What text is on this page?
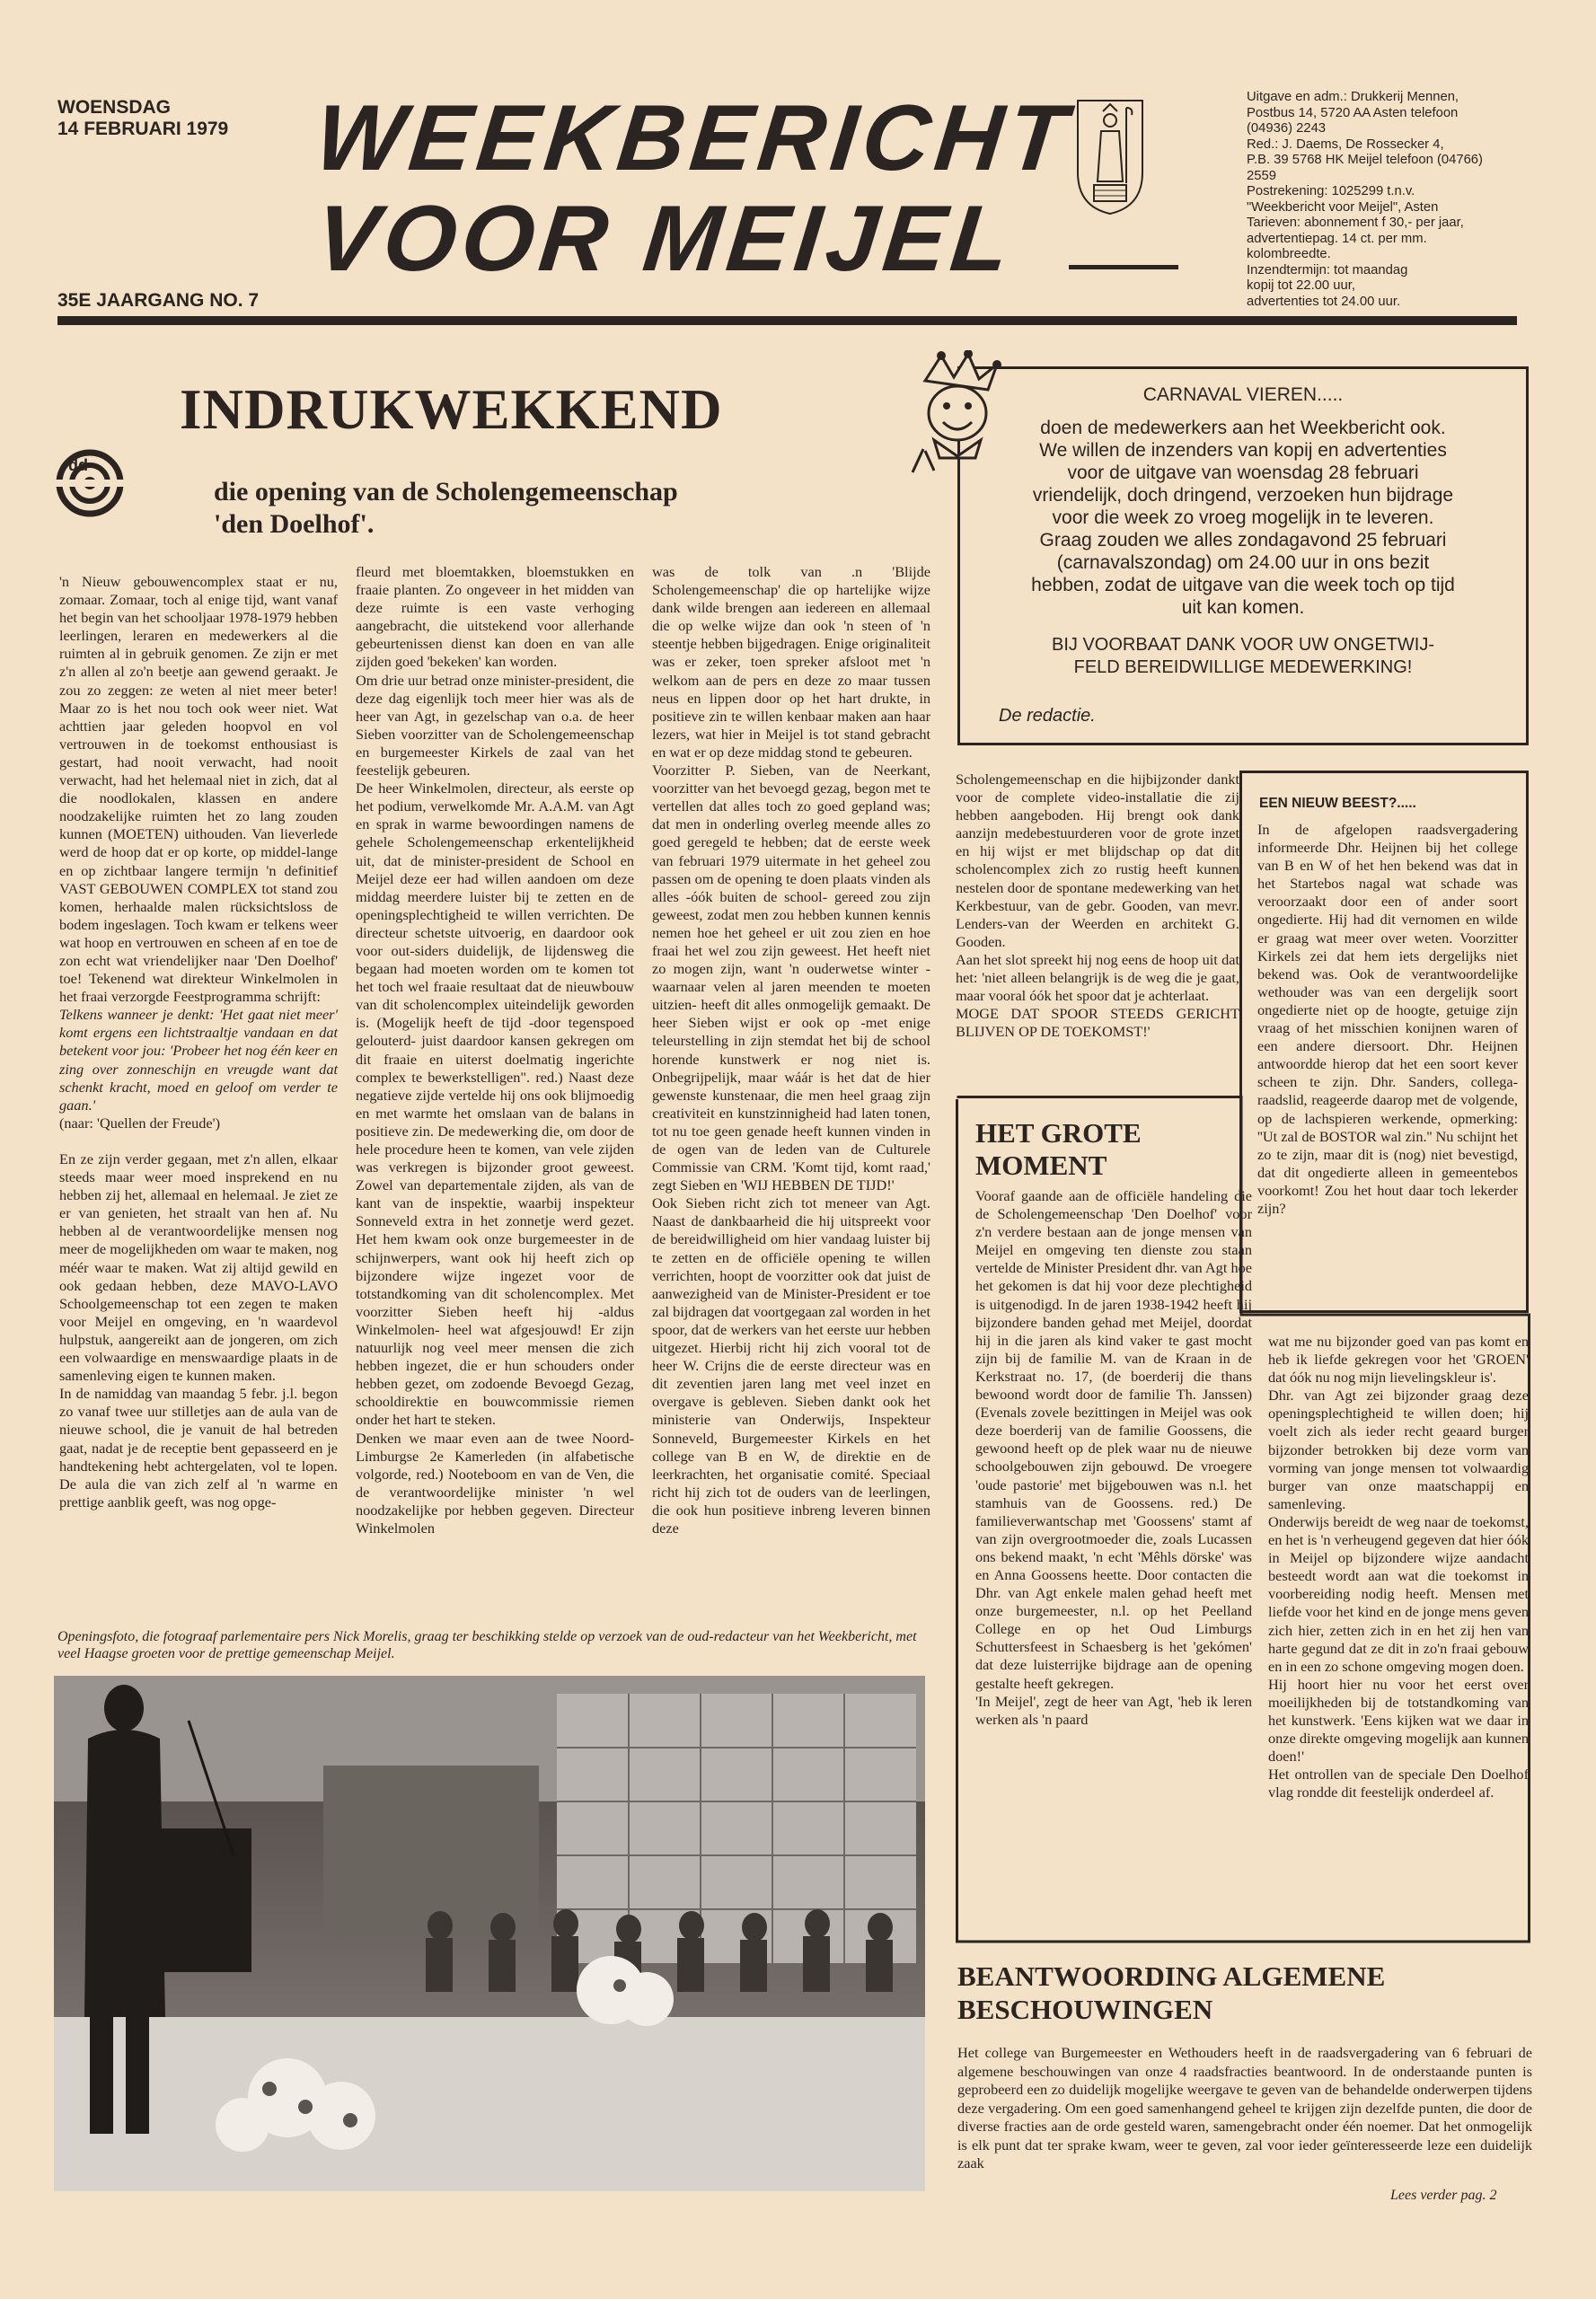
WOENSDAG
14 FEBRUARI 1979
35E JAARGANG NO. 7
WEEKBERICHT
VOOR MEIJEL

Uitgave en adm.: Drukkerij Mennen,
Postbus 14, 5720 AA Asten telefoon
(04936) 2243
Red.: J. Daems, De Rossecker 4,
P.B. 39 5768 HK Meijel telefoon (04766)
2559
Postrekening: 1025299 t.n.v.
"Weekbericht voor Meijel", Asten
Tarieven: abonnement f 30,- per jaar,
advertentiepag. 14 ct. per mm.
kolombreedte.
Inzendtermijn: tot maandag
kopij tot 22.00 uur,
advertenties tot 24.00 uur.

INDRUKWEKKEND
dd
die opening van de Scholengemeenschap
'den Doelhof'.

'n Nieuw gebouwencomplex staat er nu, zomaar. Zomaar, toch al enige tijd, want vanaf het begin van het schooljaar 1978-1979 hebben leerlingen, leraren en medewerkers al die ruimten al in gebruik genomen. Ze zijn er met z'n allen al zo'n beetje aan gewend geraakt. Je zou zo zeggen: ze weten al niet meer beter! Maar zo is het nou toch ook weer niet. Wat achttien jaar geleden hoopvol en vol vertrouwen in de toekomst enthousiast is gestart, had nooit verwacht, had nooit verwacht, had het helemaal niet in zich, dat al die noodlokalen, klassen en andere noodzakelijke ruimten het zo lang zouden kunnen (MOETEN) uithouden. Van lieverlede werd de hoop dat er op korte, op middel-lange en op zichtbaar langere termijn 'n definitief VAST GEBOUWEN COMPLEX tot stand zou komen, herhaalde malen rücksichtsloss de bodem ingeslagen. Toch kwam er telkens weer wat hoop en vertrouwen en scheen af en toe de zon echt wat vriendelijker naar 'Den Doelhof' toe! Tekenend wat direkteur Winkelmolen in het fraai verzorgde Feestprogramma schrijft:

Telkens wanneer je denkt: 'Het gaat niet meer' komt ergens een lichtstraaltje vandaan en dat betekent voor jou: 'Probeer het nog één keer en zing over zonneschijn en vreugde want dat schenkt kracht, moed en geloof om verder te gaan.'

(naar: 'Quellen der Freude')

En ze zijn verder gegaan, met z'n allen, elkaar steeds maar weer moed insprekend en nu hebben zij het, allemaal en helemaal. Je ziet ze er van genieten, het straalt van hen af. Nu hebben al de verantwoordelijke mensen nog meer de mogelijkheden om waar te maken, nog méér waar te maken. Wat zij altijd gewild en ook gedaan hebben, deze MAVO-LAVO Schoolgemeenschap tot een zegen te maken voor Meijel en omgeving, en 'n waardevol hulpstuk, aangereikt aan de jongeren, om zich een volwaardige en menswaardige plaats in de samenleving eigen te kunnen maken.
In de namiddag van maandag 5 febr. j.l. begon zo vanaf twee uur stilletjes aan de aula van de nieuwe school, die je vanuit de hal betreden gaat, nadat je de receptie bent gepasseerd en je handtekening hebt achtergelaten, vol te lopen. De aula die van zich zelf al 'n warme en prettige aanblik geeft, was nog opge-

fleurd met bloemtakken, bloemstukken en fraaie planten. Zo ongeveer in het midden van deze ruimte is een vaste verhoging aangebracht, die uitstekend voor allerhande gebeurtenissen dienst kan doen en van alle zijden goed 'bekeken' kan worden.
Om drie uur betrad onze minister-president, die deze dag eigenlijk toch meer hier was als de heer van Agt, in gezelschap van o.a. de heer Sieben voorzitter van de Scholengemeenschap en burgemeester Kirkels de zaal van het feestelijk gebeuren.
De heer Winkelmolen, directeur, als eerste op het podium, verwelkomde Mr. A.A.M. van Agt en sprak in warme bewoordingen namens de gehele Scholengemeenschap erkentelijkheid uit, dat de minister-president de School en Meijel deze eer had willen aandoen om deze middag meerdere luister bij te zetten en de openingsplechtigheid te willen verrichten. De directeur schetste uitvoerig, en daardoor ook voor out-siders duidelijk, de lijdensweg die begaan had moeten worden om te komen tot het toch wel fraaie resultaat dat de nieuwbouw van dit scholencomplex uiteindelijk geworden is. (Mogelijk heeft de tijd -door tegenspoed gelouterd- juist daardoor kansen gekregen om dit fraaie en uiterst doelmatig ingerichte complex te bewerkstelligen". red.) Naast deze negatieve zijde vertelde hij ons ook blijmoedig en met warmte het omslaan van de balans in positieve zin. De medewerking die, om door de hele procedure heen te komen, van vele zijden was verkregen is bijzonder groot geweest. Zowel van departementale zijden, als van de kant van de inspektie, waarbij inspekteur Sonneveld extra in het zonnetje werd gezet. Het hem kwam ook onze burgemeester in de schijnwerpers, want ook hij heeft zich op bijzondere wijze ingezet voor de totstandkoming van dit scholencomplex. Met voorzitter Sieben heeft hij -aldus Winkelmolen- heel wat afgesjouwd! Er zijn natuurlijk nog veel meer mensen die zich hebben ingezet, die er hun schouders onder hebben gezet, om zodoende Bevoegd Gezag, schooldirektie en bouwcommissie riemen onder het hart te steken.
Denken we maar even aan de twee Noord-Limburgse 2e Kamerleden (in alfabetische volgorde, red.) Nooteboom en van de Ven, die de verantwoordelijke minister 'n wel noodzakelijke por hebben gegeven. Directeur Winkelmolen

was de tolk van .n 'Blijde Scholengemeenschap' die op hartelijke wijze dank wilde brengen aan iedereen en allemaal die op welke wijze dan ook 'n steen of 'n steentje hebben bijgedragen. Enige originaliteit was er zeker, toen spreker afsloot met 'n welkom aan de pers en deze zo maar tussen neus en lippen door op het hart drukte, in positieve zin te willen kenbaar maken aan haar lezers, wat hier in Meijel is tot stand gebracht en wat er op deze middag stond te gebeuren.
Voorzitter P. Sieben, van de Neerkant, voorzitter van het bevoegd gezag, begon met te vertellen dat alles toch zo goed gepland was; dat men in onderling overleg meende alles zo goed geregeld te hebben; dat de eerste week van februari 1979 uitermate in het geheel zou passen om de opening te doen plaats vinden als alles -óók buiten de school- gereed zou zijn geweest, zodat men zou hebben kunnen kennis nemen hoe het geheel er uit zou zien en hoe fraai het wel zou zijn geweest. Het heeft niet zo mogen zijn, want 'n ouderwetse winter -waarnaar velen al jaren meenden te moeten uitzien- heeft dit alles onmogelijk gemaakt. De heer Sieben wijst er ook op -met enige teleurstelling in zijn stemdat het bij de school horende kunstwerk er nog niet is. Onbegrijpelijk, maar wáár is het dat de hier gewenste kunstenaar, die men heel graag zijn creativiteit en kunstzinnigheid had laten tonen, tot nu toe geen genade heeft kunnen vinden in de ogen van de leden van de Culturele Commissie van CRM. 'Komt tijd, komt raad,' zegt Sieben en 'WIJ HEBBEN DE TIJD!'
Ook Sieben richt zich tot meneer van Agt. Naast de dankbaarheid die hij uitspreekt voor de bereidwilligheid om hier vandaag luister bij te zetten en de officiële opening te willen verrichten, hoopt de voorzitter ook dat juist de aanwezigheid van de Minister-President er toe zal bijdragen dat voortgegaan zal worden in het spoor, dat de werkers van het eerste uur hebben uitgezet. Hierbij richt hij zich vooral tot de heer W. Crijns die de eerste directeur was en dit zeventien jaren lang met veel inzet en overgave is gebleven. Sieben dankt ook het ministerie van Onderwijs, Inspekteur Sonneveld, Burgemeester Kirkels en het college van B en W, de direktie en de leerkrachten, het organisatie comité. Speciaal richt hij zich tot de ouders van de leerlingen, die ook hun positieve inbreng leveren binnen deze

Openingsfoto, die fotograaf parlementaire pers Nick Morelis, graag ter beschikking stelde op verzoek van de oud-redacteur van het Weekbericht, met veel Haagse groeten voor de prettige gemeenschap Meijel.
CARNAVAL VIEREN.....
doen de medewerkers aan het Weekbericht ook.
We willen de inzenders van kopij en advertenties
voor de uitgave van woensdag 28 februari
vriendelijk, doch dringend, verzoeken hun bijdrage
voor die week zo vroeg mogelijk in te leveren.
Graag zouden we alles zondagavond 25 februari
(carnavalszondag) om 24.00 uur in ons bezit
hebben, zodat de uitgave van die week toch op tijd
uit kan komen.
BIJ VOORBAAT DANK VOOR UW ONGETWIJ-
FELD BEREIDWILLIGE MEDEWERKING!
De redactie.

Scholengemeenschap en die hijbijzonder dankt voor de complete video-installatie die zij hebben aangeboden. Hij brengt ook dank aanzijn medebestuurderen voor de grote inzet en hij wijst er met blijdschap op dat dit scholencomplex zich zo rustig heeft kunnen nestelen door de spontane medewerking van het Kerkbestuur, van de gebr. Gooden, van mevr. Lenders-van der Weerden en architekt G. Gooden.
Aan het slot spreekt hij nog eens de hoop uit dat het: 'niet alleen belangrijk is de weg die je gaat, maar vooral óók het spoor dat je achterlaat.
MOGE DAT SPOOR STEEDS GERICHT BLIJVEN OP DE TOEKOMST!'

EEN NIEUW BEEST?.....
In de afgelopen raadsvergadering informeerde Dhr. Heijnen bij het college van B en W of het hen bekend was dat in het Startebos nagal wat schade was veroorzaakt door een of ander soort ongedierte. Hij had dit vernomen en wilde er graag wat meer over weten. Voorzitter Kirkels zei dat hem iets dergelijks niet bekend was. Ook de verantwoordelijke wethouder was van een dergelijk soort ongedierte niet op de hoogte, getuige zijn vraag of het misschien konijnen waren of een andere diersoort. Dhr. Heijnen antwoordde hierop dat het een soort kever scheen te zijn. Dhr. Sanders, collega-raadslid, reageerde daarop met de volgende, op de lachspieren werkende, opmerking: ''Ut zal de BOSTOR wal zin.'' Nu schijnt het zo te zijn, maar dit is (nog) niet bevestigd, dat dit ongedierte alleen in gemeentebos voorkomt! Zou het hout daar toch lekerder zijn?
HET GROTE
MOMENT

Vooraf gaande aan de officiële handeling die de Scholengemeenschap 'Den Doelhof' voor z'n verdere bestaan aan de jonge mensen van Meijel en omgeving ten dienste zou staan vertelde de Minister President dhr. van Agt hoe het gekomen is dat hij voor deze plechtigheid is uitgenodigd. In de jaren 1938-1942 heeft hij bijzondere banden gehad met Meijel, doordat hij in die jaren als kind vaker te gast mocht zijn bij de familie M. van de Kraan in de Kerkstraat no. 17, (de boerderij die thans bewoond wordt door de familie Th. Janssen) (Evenals zovele bezittingen in Meijel was ook deze boerderij van de familie Goossens, die gewoond heeft op de plek waar nu de nieuwe schoolgebouwen zijn gebouwd. De vroegere 'oude pastorie' met bijgebouwen was n.l. het stamhuis van de Goossens. red.) De familieverwantschap met 'Goossens' stamt af van zijn overgrootmoeder die, zoals Lucassen ons bekend maakt, 'n echt 'Mêhls dörske' was en Anna Goossens heette. Door contacten die Dhr. van Agt enkele malen gehad heeft met onze burgemeester, n.l. op het Peelland College en op het Oud Limburgs Schuttersfeest in Schaesberg is het 'gekómen' dat deze luisterrijke bijdrage aan de opening gestalte heeft gekregen.
'In Meijel', zegt de heer van Agt, 'heb ik leren werken als 'n paard

wat me nu bijzonder goed van pas komt en heb ik liefde gekregen voor het 'GROEN' dat óók nu nog mijn lievelingskleur is'.
Dhr. van Agt zei bijzonder graag deze openingsplechtigheid te willen doen; hij voelt zich als ieder recht geaard burger bijzonder betrokken bij deze vorm van vorming van jonge mensen tot volwaardig burger van onze maatschappij en samenleving.
Onderwijs bereidt de weg naar de toekomst, en het is 'n verheugend gegeven dat hier óók in Meijel op bijzondere wijze aandacht besteedt wordt aan wat die toekomst in voorbereiding nodig heeft. Mensen met liefde voor het kind en de jonge mens geven zich hier, zetten zich in en het zij hen van harte gegund dat ze dit in zo'n fraai gebouw en in een zo schone omgeving mogen doen.
Hij hoort hier nu voor het eerst over moeilijkheden bij de totstandkoming van het kunstwerk. 'Eens kijken wat we daar in onze direkte omgeving mogelijk aan kunnen doen!'
Het ontrollen van de speciale Den Doelhof vlag rondde dit feestelijk onderdeel af.

BEANTWOORDING ALGEMENE
BESCHOUWINGEN
Het college van Burgemeester en Wethouders heeft in de raadsvergadering van 6 februari de algemene beschouwingen van onze 4 raadsfracties beantwoord. In de onderstaande punten is geprobeerd een zo duidelijk mogelijke weergave te geven van de behandelde onderwerpen tijdens deze vergadering. Om een goed samenhangend geheel te krijgen zijn dezelfde punten, die door de diverse fracties aan de orde gesteld waren, samengebracht onder één noemer. Dat het onmogelijk is elk punt dat ter sprake kwam, weer te geven, zal voor ieder geïnteresseerde leze een duidelijk zaak
Lees verder pag. 2
